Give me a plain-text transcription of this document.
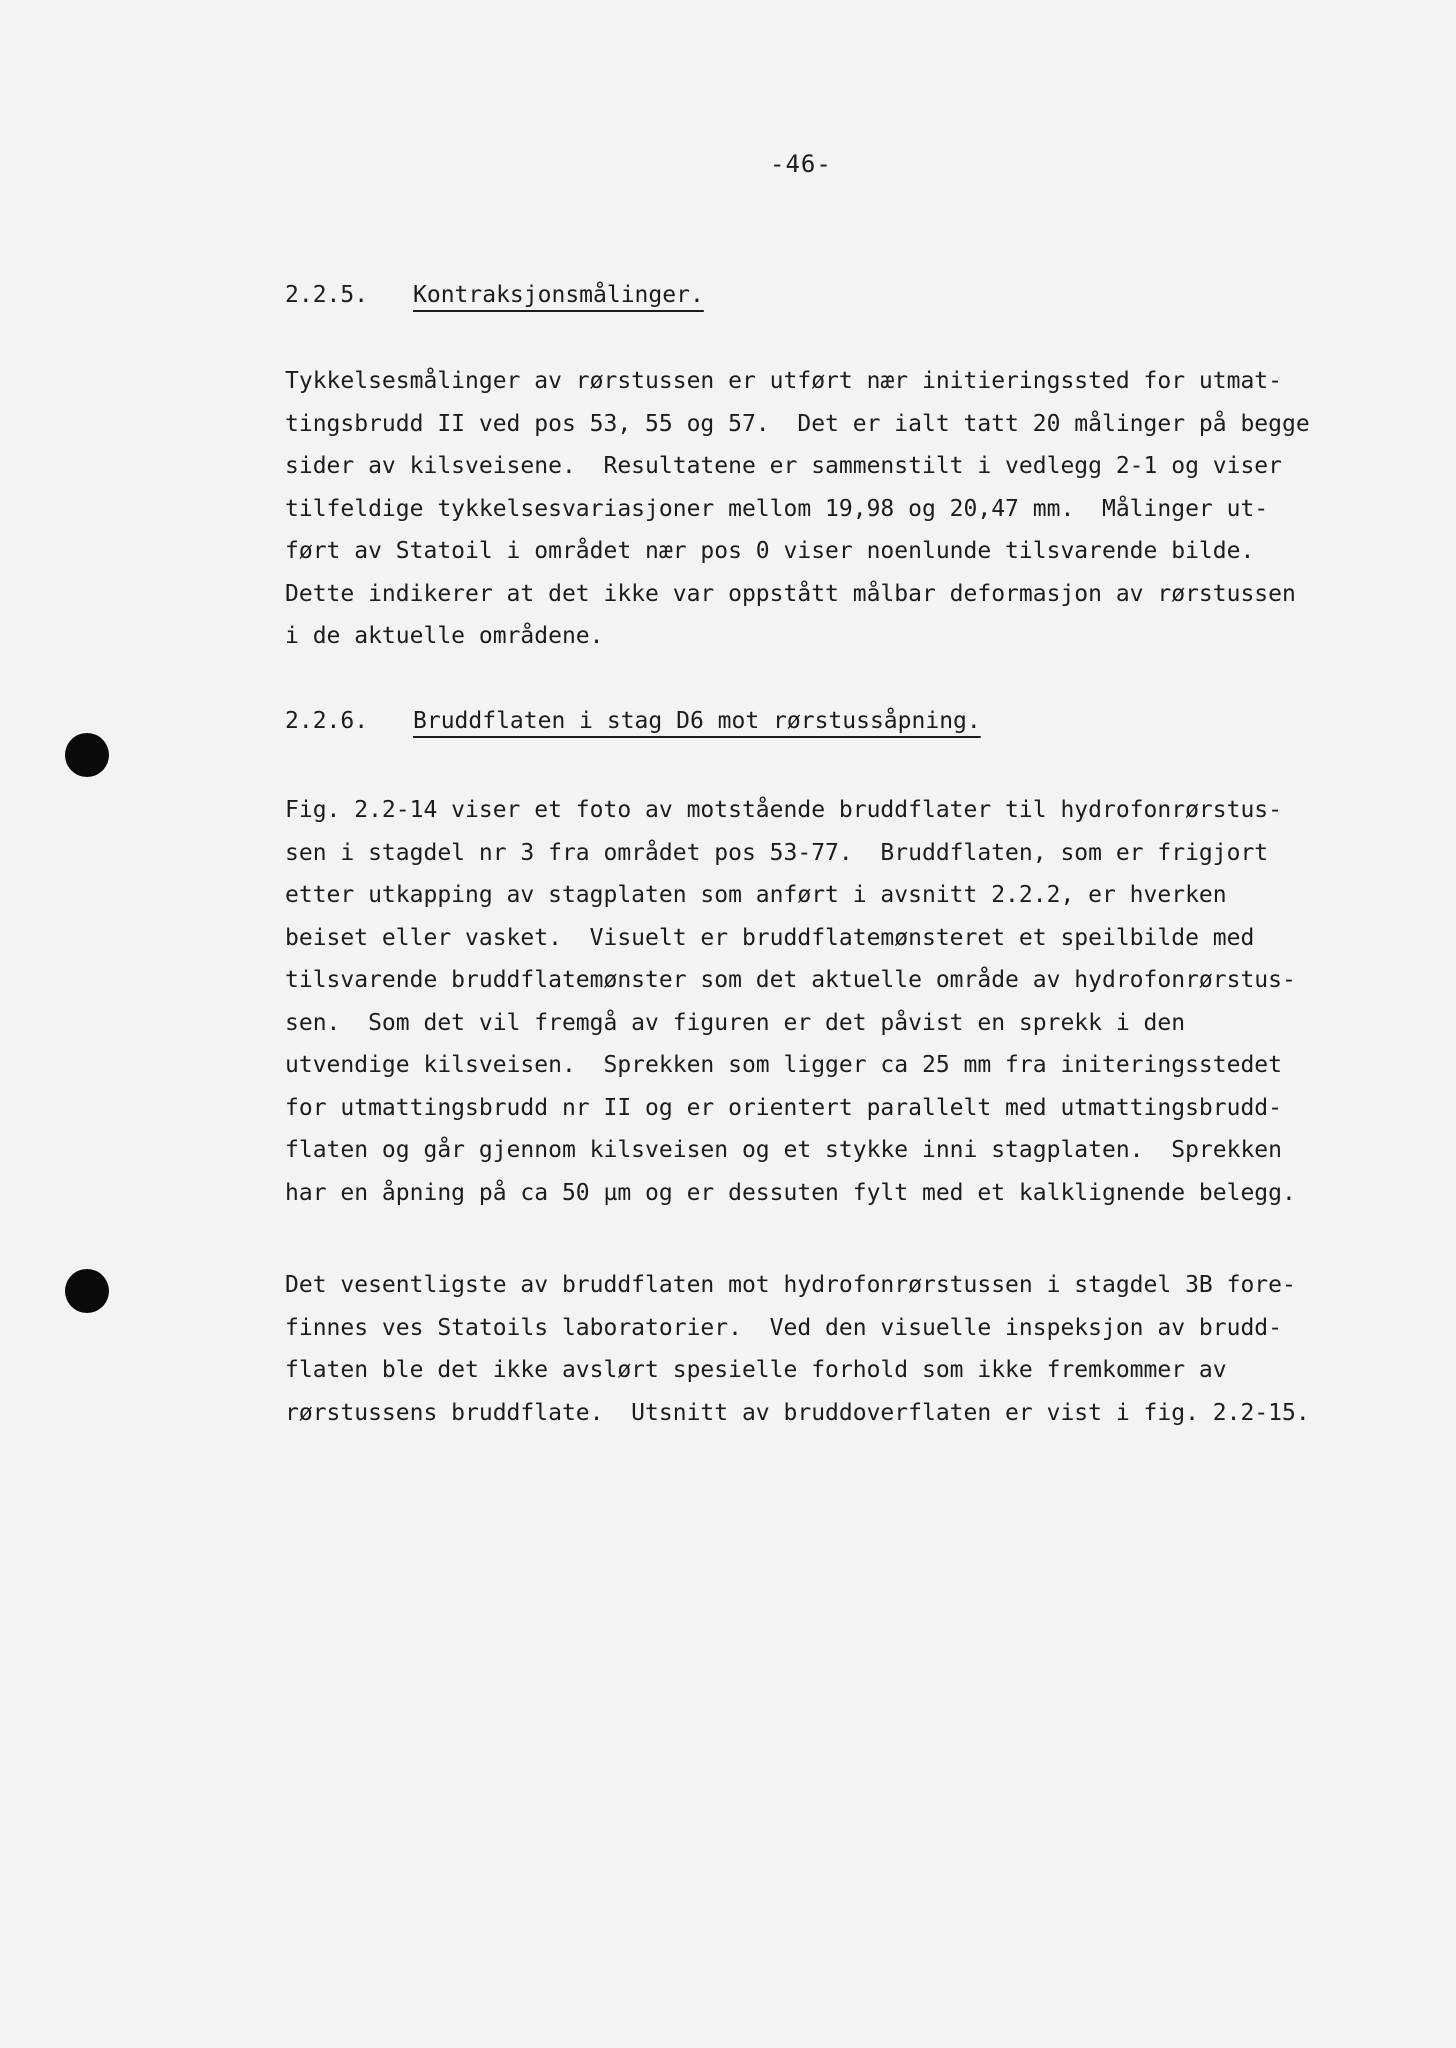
-46-
2.2.5. Kontraksjonsmålinger.
Tykkelsesmålinger av rørstussen er utført nær initieringssted for utmat-
tingsbrudd II ved pos 53, 55 og 57.  Det er ialt tatt 20 målinger på begge
sider av kilsveisene.  Resultatene er sammenstilt i vedlegg 2-1 og viser
tilfeldige tykkelsesvariasjoner mellom 19,98 og 20,47 mm.  Målinger ut-
ført av Statoil i området nær pos 0 viser noenlunde tilsvarende bilde.
Dette indikerer at det ikke var oppstått målbar deformasjon av rørstussen
i de aktuelle områdene.
2.2.6. Bruddflaten i stag D6 mot rørstussåpning.
Fig. 2.2-14 viser et foto av motstående bruddflater til hydrofonrørstus-
sen i stagdel nr 3 fra området pos 53-77.  Bruddflaten, som er frigjort
etter utkapping av stagplaten som anført i avsnitt 2.2.2, er hverken
beiset eller vasket.  Visuelt er bruddflatemønsteret et speilbilde med
tilsvarende bruddflatemønster som det aktuelle område av hydrofonrørstus-
sen.  Som det vil fremgå av figuren er det påvist en sprekk i den
utvendige kilsveisen.  Sprekken som ligger ca 25 mm fra initeringsstedet
for utmattingsbrudd nr II og er orientert parallelt med utmattingsbrudd-
flaten og går gjennom kilsveisen og et stykke inni stagplaten.  Sprekken
har en åpning på ca 50 µm og er dessuten fylt med et kalklignende belegg.
Det vesentligste av bruddflaten mot hydrofonrørstussen i stagdel 3B fore-
finnes ves Statoils laboratorier.  Ved den visuelle inspeksjon av brudd-
flaten ble det ikke avslørt spesielle forhold som ikke fremkommer av
rørstussens bruddflate.  Utsnitt av bruddoverflaten er vist i fig. 2.2-15.
